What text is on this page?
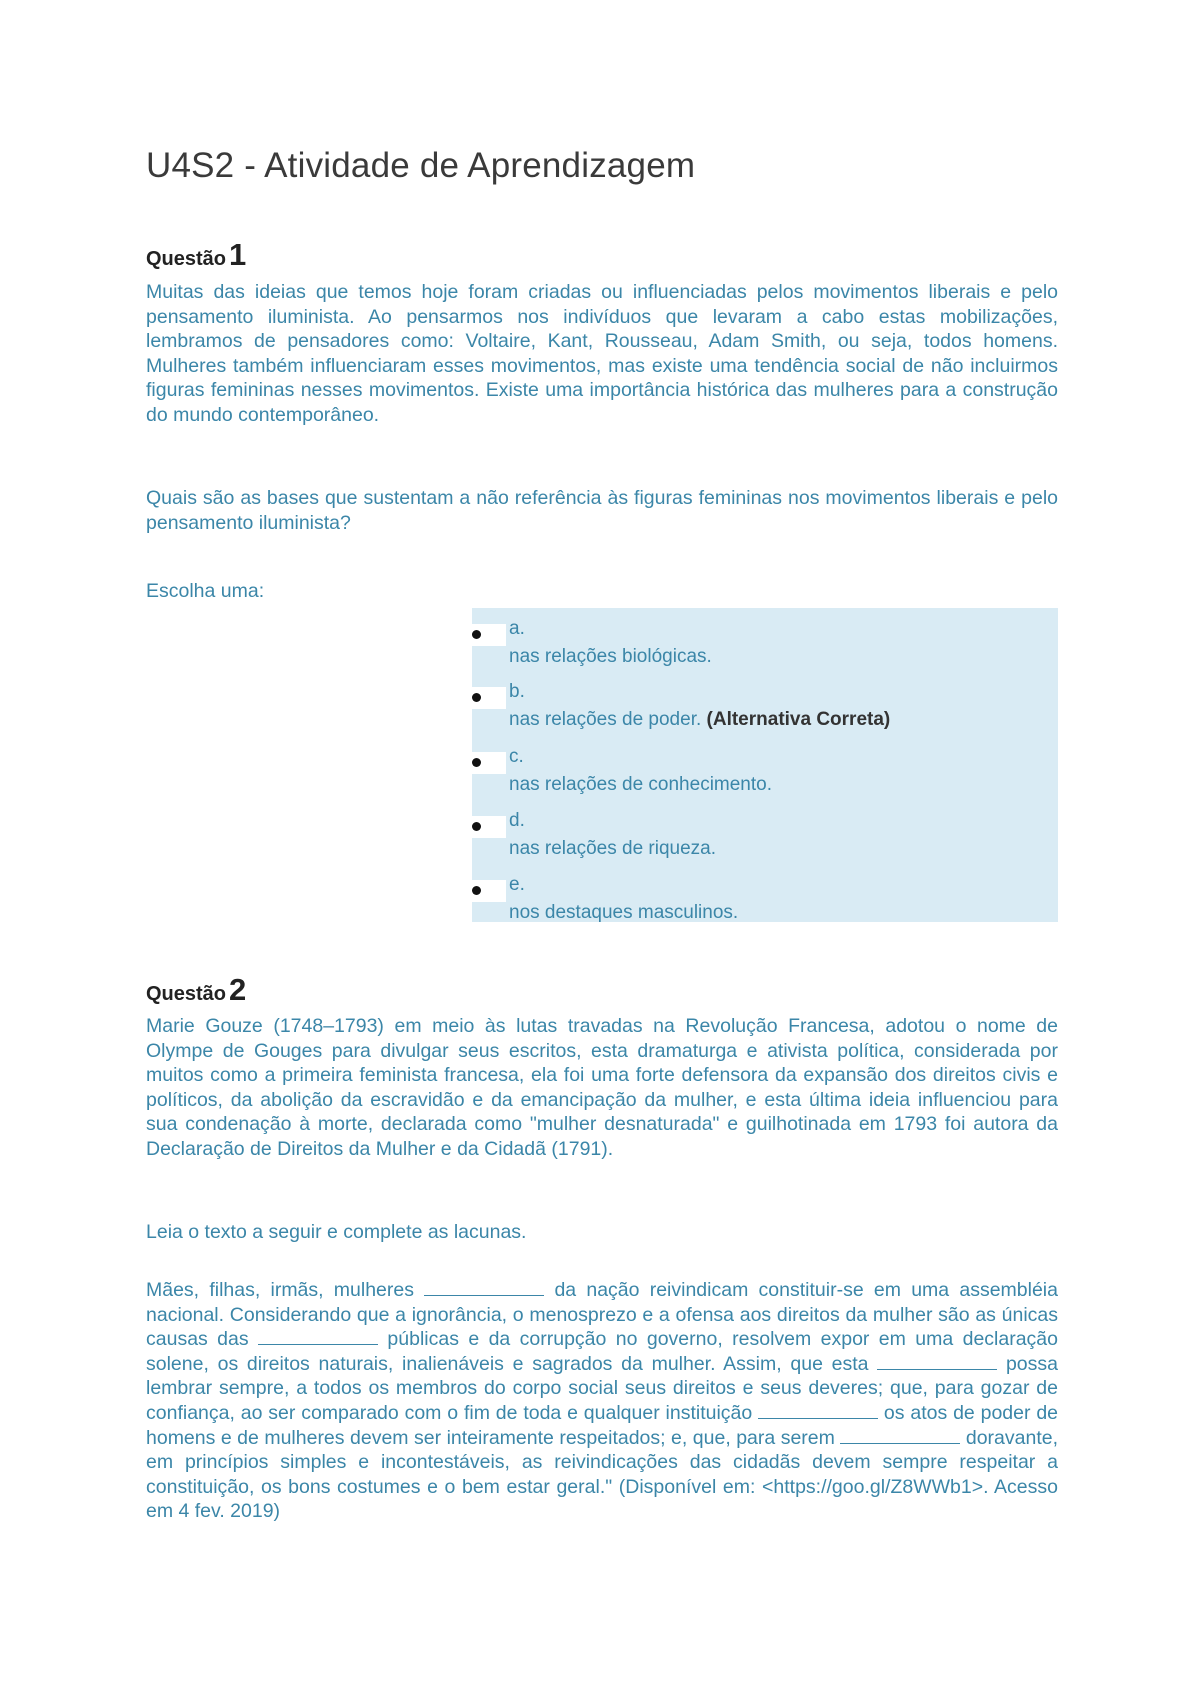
U4S2 - Atividade de Aprendizagem
Questão1

Muitas das ideias que temos hoje foram criadas ou influenciadas pelos movimentos liberais e pelo pensamento iluminista. Ao pensarmos nos indivíduos que levaram a cabo estas mobilizações, lembramos de pensadores como: Voltaire, Kant, Rousseau, Adam Smith, ou seja, todos homens. Mulheres também influenciaram esses movimentos, mas existe uma tendência social de não incluirmos figuras femininas nesses movimentos. Existe uma importância histórica das mulheres para a construção do mundo contemporâneo.

Quais são as bases que sustentam a não referência às figuras femininas nos movimentos liberais e pelo pensamento iluminista?

Escolha uma:

a.
nas relações biológicas.
b.
nas relações de poder. (Alternativa Correta)
c.
nas relações de conhecimento.
d.
nas relações de riqueza.
e.
nos destaques masculinos.
Questão2

Marie Gouze (1748–1793) em meio às lutas travadas na Revolução Francesa, adotou o nome de Olympe de Gouges para divulgar seus escritos, esta dramaturga e ativista política, considerada por muitos como a primeira feminista francesa, ela foi uma forte defensora da expansão dos direitos civis e políticos, da abolição da escravidão e da emancipação da mulher, e esta última ideia influenciou para sua condenação à morte, declarada como "mulher desnaturada" e guilhotinada em 1793 foi autora da Declaração de Direitos da Mulher e da Cidadã (1791).

Leia o texto a seguir e complete as lacunas.

Mães, filhas, irmãs, mulheres	da nação reivindicam constituir-se em uma assembléia nacional. Considerando que a ignorância, o menosprezo e a ofensa aos direitos da mulher são as únicas causas das	públicas e da corrupção no governo, resolvem expor em uma declaração solene, os direitos naturais, inalienáveis e sagrados da mulher. Assim, que esta	possa lembrar sempre, a todos os membros do corpo social seus direitos e seus deveres; que, para gozar de confiança, ao ser comparado com o fim de toda e qualquer instituição	os atos de poder de homens e de mulheres devem ser inteiramente respeitados; e, que, para serem	doravante, em princípios simples e incontestáveis, as reivindicações das cidadãs devem sempre respeitar a constituição, os bons costumes e o bem estar geral." (Disponível em: <https://goo.gl/Z8WWb1>. Acesso em 4 fev. 2019)
